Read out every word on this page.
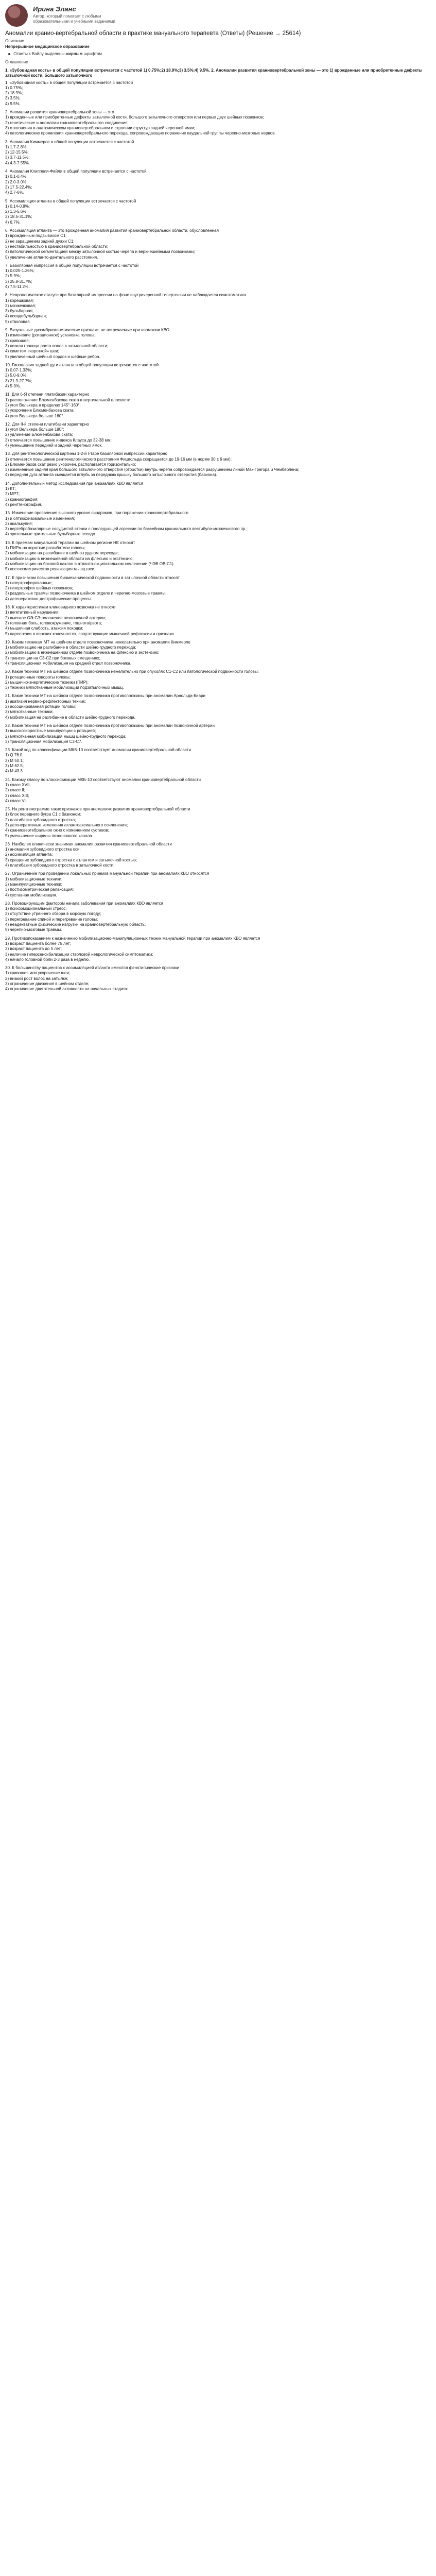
Ирина Эланс
Автор, который помогает с любыми образовательными и учебными заданиями
Аномалии кранио-вертебральной области в практике мануального терапевта (Ответы) (Решение → 25614)
Описание
Непрерывное медицинское образование
Ответы к Вайлу выделены жирным шрифтом
Оглавление
1. «Зубовидная кость» в общей популяции встречается с частотой 1) 0.75%;2) 18.9%;3) 3.5%;4) 9.5%. 2. Аномалии развития краниовертебральной зоны — это 1) врожденные или приобретенные дефекты затылочной кости, большого затылочного
1. «Зубовидная кость» в общей популяции встречается с частотой
1) 0.75%;
2) 18.9%;
3) 3.5%;
4) 9.5%.
2. Аномалии развития краниовертебральной зоны — это
1) врожденные или приобретенные дефекты затылочной кости, большого затылочного отверстия или первых двух шейных позвонков;
2) генетические и аномалии краниовертебрального соединения;
3) отклонения в анатомическом краниовертебральном и строении структур задней черепной ямки;
4) патологические проявления краниовертебрального перехода, сопровождающие поражение каудальной группы черепно-мозговых нервов.
3. Аномалия Киммерле в общей популяции встречается с частотой
1) 1.7-2.8%;
2) 12-15.5%;
3) 3.7-11.5%;
4) 4.3-7.55%.
4. Аномалия Клиппеля-Фейля в общей популяции встречается с частотой
1) 0.1-0.4%;
2) 2.0-3.0%;
3) 17.5-22.4%;
4) 2.7-6%.
5. Ассимиляция атланта в общей популяции встречается с частотой
1) 0.14-0.8%;
2) 1.3-5.6%;
3) 18.5-31.1%;
4) 6.7%.
6. Ассимиляция атланта — это врожденная аномалия развития краниовертебральной области, обусловленная
1) врожденным подвывихом С1;
2) не заращением задней дужки С1;
3) нестабильностью в краниовертебральной области;
4) патологической сегментацией между затылочной костью черепа и верхнешейными позвонками;
5) увеличение атланто-дентального расстояния.
7. Базилярная импрессия в общей популяции встречается с частотой
1) 0.025-1.26%;
2) 5-9%;
3) 25.8-31.7%;
4) 7.5-11.2%.
8. Неврологическое статусе при базилярной импрессии на фоне внутричерепной гипертензии не наблюдается симптоматика
1) корешковая;
2) мозжечковая;
3) бульбарная;
4) псевдобульбарная;
5) стволовая.
9. Визуальные дизэмбриогенетические признаки, не встречаемые при аномалии КВО
1) изменение (ротационное) установка головы;
2) кривошея;
3) низкая граница роста волос в затылочной области;
4) симптом «короткой» шеи;
5) увеличенный шейный лордоз и шейные ребра.
10. Гипоплазия задней дуги атланта в общей популяции встречается с частотой
1) 0.07-1.33%;
2) 5.0-9.0%;
3) 21.9-27.7%;
4) 5-9%.
11. Для 6-Я степени платибазии характерно
1) расположение Блюменбахова ската в вертикальной плоскости;
2) угол Вельхера в пределах 145°-160°;
3) укорочение Блюменбахова ската;
4) угол Вельхера больше 160°.
12. Для II-й степени платибазии характерно
1) угол Вельхера больше 180°;
2) удлинение Блюменбахова ската;
3) отмечается повышение индекса Клауса до 32-38 мм;
4) уменьшение передней и задней черепных ямок.
13. Для рентгенологической картины 1-2-й I-таре базилярной импрессии характерно
1) отмечается повышение рентгенологического расстояния Фишгольда сокращается до 19-16 мм (в норме 30 ± 9 мм);
2) Блюменбахов скат резко укорочен, располагается горизонтально;
3) изменённые задняя края большого затылочного отверстия (отростки) внутрь черепа сопровождается разрушением линий Мак-Грегора и Чемберлена;
4) передняя дуга атланта смещается вглубь за переднюю крышку большого затылочного отверстия (базиона).
14. Дополнительный метод исследования при аномалиях КВО является
1) КТ;
2) МРТ;
3) краниография;
4) рентгенография.
15. Изменение проявления высокого уровня синдромов, при поражении краниовертебрального
1) и оптикохиазмальные изменения;
2) акалькулия;
3) вертебробазилярные сосудистой стенки с последующей агрессии по бассейнам краниального вестибуло-мозжечкового пр.;
4) зрительные зрительные бульбарные псевдо.
16. К приемам мануальной терапии на шейном регионе НЕ относят
1) ПИРм на короткие разгибатели головы;
2) мобилизацию на разгибание в шейно-грудном переходе;
3) мобилизацию в нижнешейной области на флексию и экстензию;
4) мобилизацию на боковой наклон в атланто-окципитальном сочленении (ЧЭВ ОВ-С1).
5) постизометрическая релаксация мышц шеи.
17. К признакам повышения биомеханической подвижности в затылочной области относят
1) гипертрофированные;
2) гипертрофия шейных позвонков;
3) раздельные травмы позвоночника в шейном отделе и черепно-мозговые травмы;
4) дегенеративно-дистрофические процессы.
18. К характеристикам клиновидного позвонка не относят
1) вегетативный нарушения;
2) высокое ОЭ-СЭ положение позвоночной артерии;
3) головная боль, головокружение, тошнота/рвота;
4) мышечная слабость, атаксия походки;
5) парестезии в верхних конечностях, сопутствующие мышечной рефлексии и признаки.
19. Каким техникам МТ на шейном отделе позвоночника нежелательно при аномалии Киммерле
1) мобилизацию на разгибание в области шейно-грудного перехода;
2) мобилизацию в нижнешейном отделе позвоночника на флексию и экстензию;
3) трансляции на СЗ-С2 при боковых смещениях;
4) трансляционная мобилизация на средний отдел позвоночника.
20. Какие техники МТ на шейном отделе позвоночника нежелательно при опухолях С1-С2 или патологической подвижности головы;
1) ротационные повороты головы;
2) мышечно-энергетические техники (ПИР);
3) техники мягкотканные мобилизации подзатылочных мышц.
21. Какие техники МТ на шейном отделе позвоночника противопоказаны при аномалии Арнольда-Киари
1) акатизия нервно-рефлекторных техник;
2) ассоциированная ротации головы;
3) мягкотканные техники;
4) мобилизация на разгибание в области шейно-грудного перехода.
22. Какие техники МТ на шейном отделе позвоночника противопоказаны при аномалии позвоночной артерии
1) высокоскоростные манипуляции с ротацией;
2) мягкотканная мобилизация мышц шейно-грудного перехода;
3) трансляционная мобилизация С3-С7.
23. Какой код по классификации МКБ-10 соответствует аномалии краниовертебральной области
1) Q 76.0;
2) М 50.1;
3) М 62.5;
4) М 43.3.
24. Какому классу по классификации МКБ-10 соответствуют аномалии краниовертебральной области
1) класс XVII;
2) класс II;
3) класс XIII;
4) класс VI.
25. На рентгенограмме таких признаков при аномалиях развития краниовертебральной области
1) блок переднего бугра С1 с базионом;
2) платибазия зубовидного отростка;
3) дегенеративные изменения атлантоаксиального сочленения;
4) краниовертебральное окно с изменением суставов;
5) уменьшение ширины позвоночного канала.
26. Наиболее клинически значимая аномалия развития краниовертебральной области
1) аномалия зубовидного отростка оси;
2) ассимиляция атланта;
3) сращение зубовидного отростка с атлантом и затылочной костью;
4) платибазия зубовидного отростка в затылочной кости.
27. Ограничение при проведении локальных приемов мануальной терапии при аномалиях КВО относятся
1) мобилизационные техники;
2) манипуляционные техники;
3) постизометрическая релаксация;
4) суставная мобилизация.
28. Провоцирующим фактором начала заболевания при аномалиях КВО является
1) психоэмоциональный стресс;
2) отсутствие утреннего обзора в морскую погоду;
3) перегревание спиной и перегревание головы;
4) неадекватные физические нагрузки на краниовертебральную область;
5) черепно-мозговые травмы.
29. Противопоказанием к назначению мобилизационно-манипуляционных техник мануальной терапии при аномалиях КВО является
1) возраст пациента более 75 лет;
2) возраст пациента до 5 лет;
3) наличие гиперсенсибилизации стволовой неврологической симптоматики;
4) начало головной боли 2-3 раза в неделю.
30. К большинству пациентов с ассимиляцией атланта имеются фенотипические признаки
1) кривошея или укорочение шеи;
2) низкий рост волос на затылке;
3) ограничение движения в шейном отделе;
4) ограничение двигательной активности на начальных стадиях.
